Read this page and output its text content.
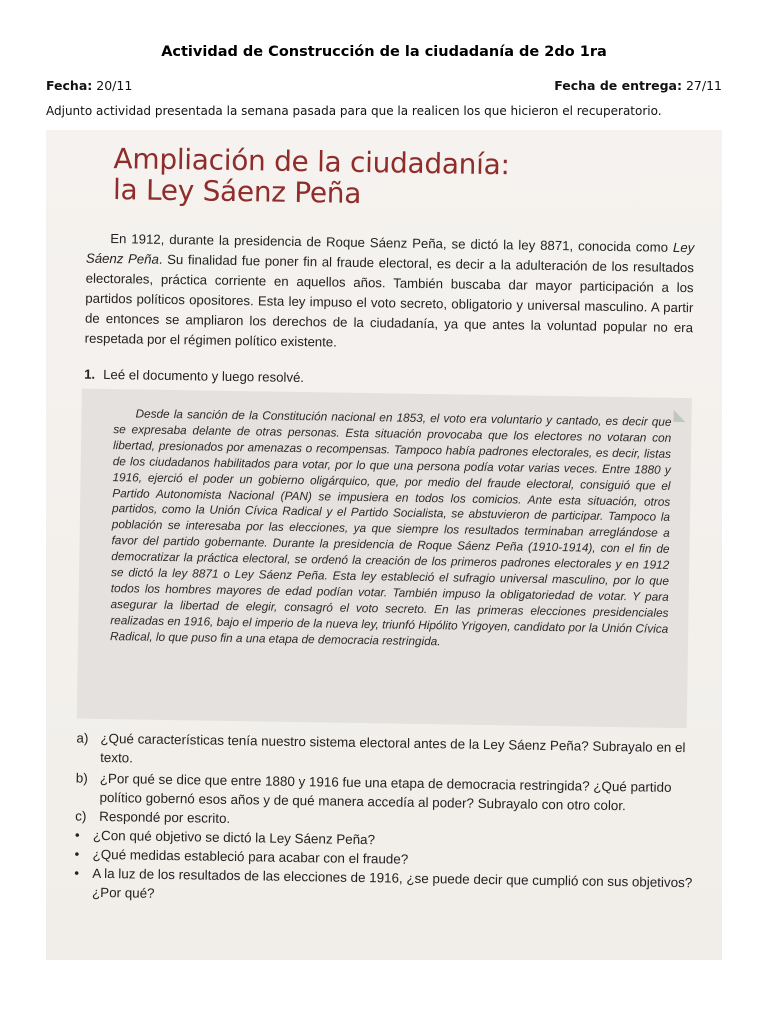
Actividad de Construcción de la ciudadanía de 2do 1ra
Fecha: 20/11	Fecha de entrega: 27/11
Adjunto actividad presentada la semana pasada para que la realicen los que hicieron el recuperatorio.
Ampliación de la ciudadanía:
la Ley Sáenz Peña

En 1912, durante la presidencia de Roque Sáenz Peña, se dictó la ley 8871, conocida como Ley Sáenz Peña. Su finalidad fue poner fin al fraude electoral, es decir a la adulteración de los resultados electorales, práctica corriente en aquellos años. También buscaba dar mayor participación a los partidos políticos opositores. Esta ley impuso el voto secreto, obligatorio y universal masculino. A partir de entonces se ampliaron los derechos de la ciudadanía, ya que antes la voluntad popular no era respetada por el régimen político existente.

1. Leé el documento y luego resolvé.

Desde la sanción de la Constitución nacional en 1853, el voto era voluntario y cantado, es decir que se expresaba delante de otras personas. Esta situación provocaba que los electores no votaran con libertad, presionados por amenazas o recompensas. Tampoco había padrones electorales, es decir, listas de los ciudadanos habilitados para votar, por lo que una persona podía votar varias veces. Entre 1880 y 1916, ejerció el poder un gobierno oligárquico, que, por medio del fraude electoral, consiguió que el Partido Autonomista Nacional (PAN) se impusiera en todos los comicios. Ante esta situación, otros partidos, como la Unión Cívica Radical y el Partido Socialista, se abstuvieron de participar. Tampoco la población se interesaba por las elecciones, ya que siempre los resultados terminaban arreglándose a favor del partido gobernante. Durante la presidencia de Roque Sáenz Peña (1910-1914), con el fin de democratizar la práctica electoral, se ordenó la creación de los primeros padrones electorales y en 1912 se dictó la ley 8871 o Ley Sáenz Peña. Esta ley estableció el sufragio universal masculino, por lo que todos los hombres mayores de edad podían votar. También impuso la obligatoriedad de votar. Y para asegurar la libertad de elegir, consagró el voto secreto. En las primeras elecciones presidenciales realizadas en 1916, bajo el imperio de la nueva ley, triunfó Hipólito Yrigoyen, candidato por la Unión Cívica Radical, lo que puso fin a una etapa de democracia restringida.

a) ¿Qué características tenía nuestro sistema electoral antes de la Ley Sáenz Peña? Subrayalo en el texto.

b) ¿Por qué se dice que entre 1880 y 1916 fue una etapa de democracia restringida? ¿Qué partido político gobernó esos años y de qué manera accedía al poder? Subrayalo con otro color.

c) Respondé por escrito.

• ¿Con qué objetivo se dictó la Ley Sáenz Peña?

• ¿Qué medidas estableció para acabar con el fraude?

• A la luz de los resultados de las elecciones de 1916, ¿se puede decir que cumplió con sus objetivos? ¿Por qué?
